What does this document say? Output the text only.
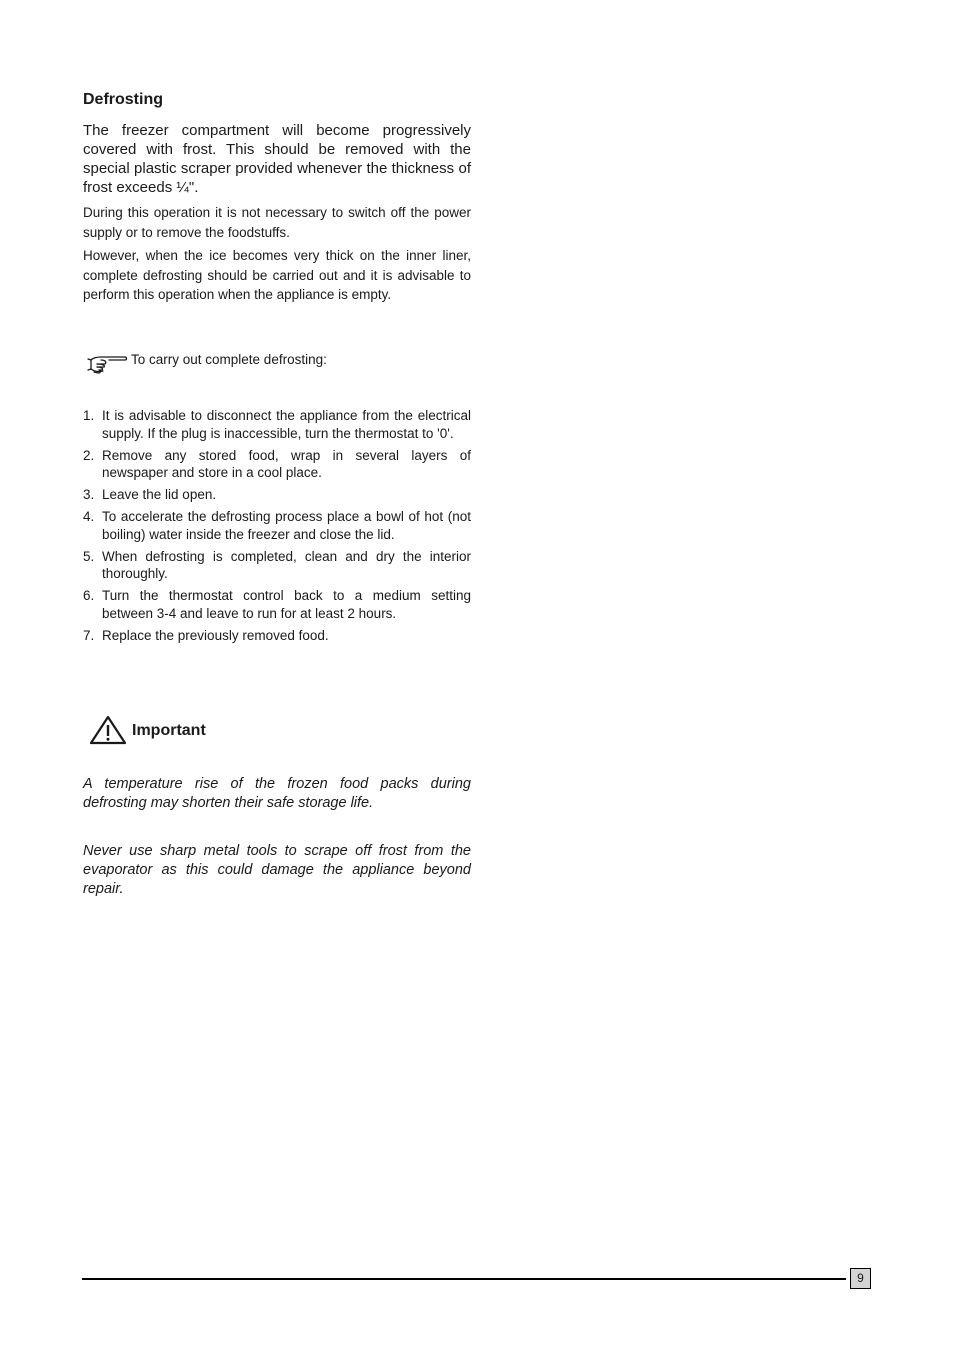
Defrosting

The freezer compartment will become progressively covered with frost. This should be removed with the special plastic scraper provided whenever the thickness of frost exceeds ¼".

During this operation it is not necessary to switch off the power supply or to remove the foodstuffs.

However, when the ice becomes very thick on the inner liner, complete defrosting should be carried out and it is advisable to perform this operation when the appliance is empty.

To carry out complete defrosting:
1. It is advisable to disconnect the appliance from the electrical supply. If the plug is inaccessible, turn the thermostat to '0'.
2. Remove any stored food, wrap in several layers of newspaper and store in a cool place.
3. Leave the lid open.
4. To accelerate the defrosting process place a bowl of hot (not boiling) water inside the freezer and close the lid.
5. When defrosting is completed, clean and dry the interior thoroughly.
6. Turn the thermostat control back to a medium setting between 3-4 and leave to run for at least 2 hours.
7. Replace the previously removed food.
Important

A temperature rise of the frozen food packs during defrosting may shorten their safe storage life.

Never use sharp metal tools to scrape off frost from the evaporator as this could damage the appliance beyond repair.

9
